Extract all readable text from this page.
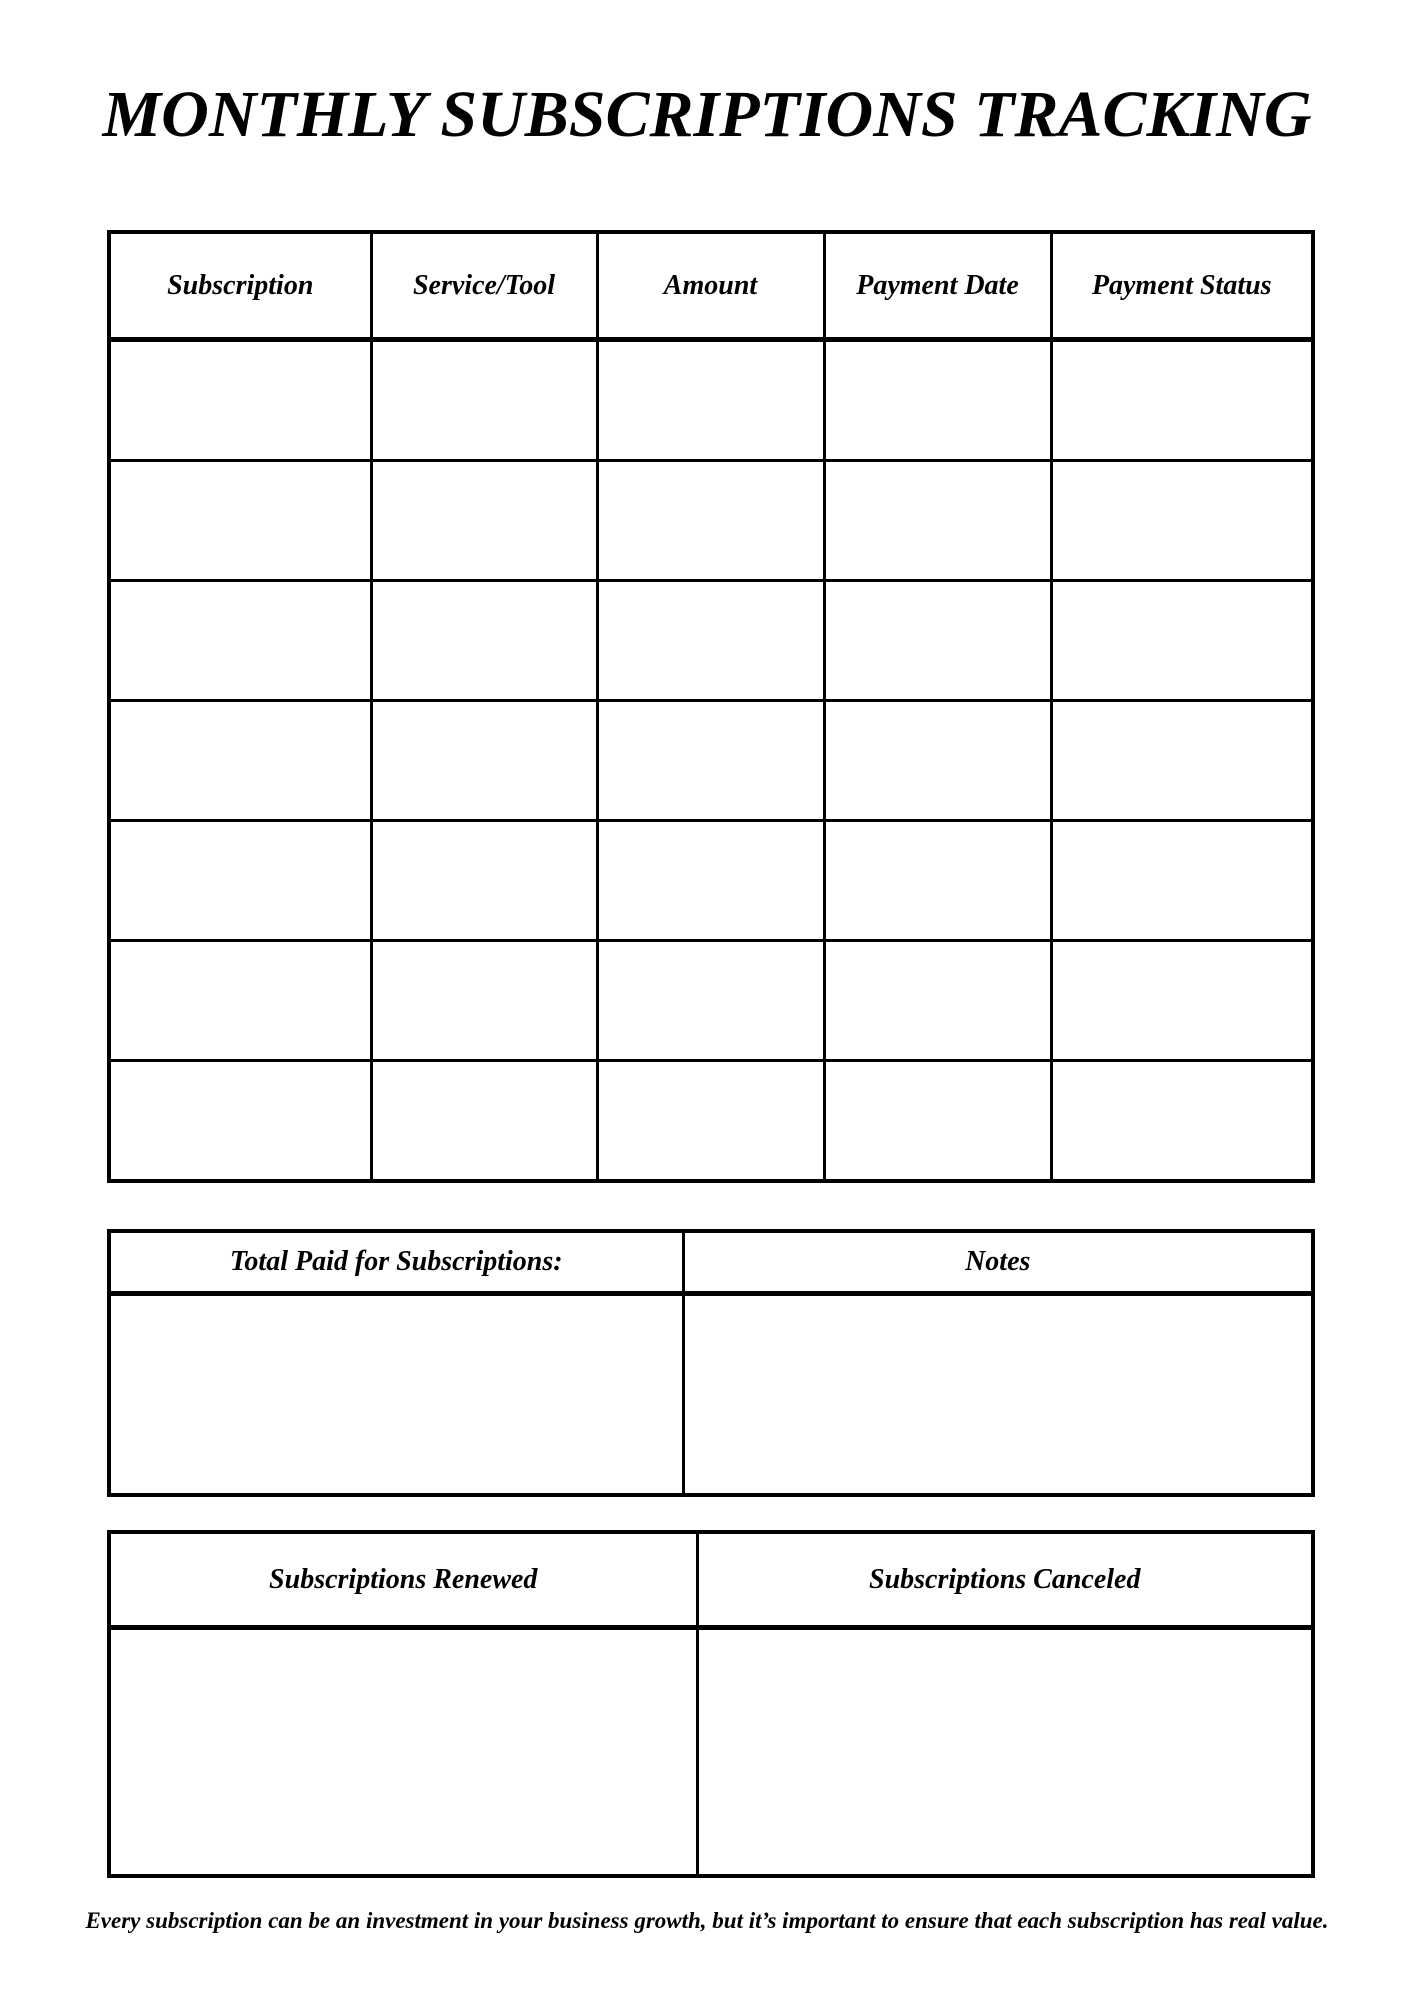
MONTHLY SUBSCRIPTIONS TRACKING
Subscription	Service/Tool	Amount	Payment Date	Payment Status

Total Paid for Subscriptions:	Notes

Subscriptions Renewed	Subscriptions Canceled

Every subscription can be an investment in your business growth, but it’s important to ensure that each subscription has real value.
